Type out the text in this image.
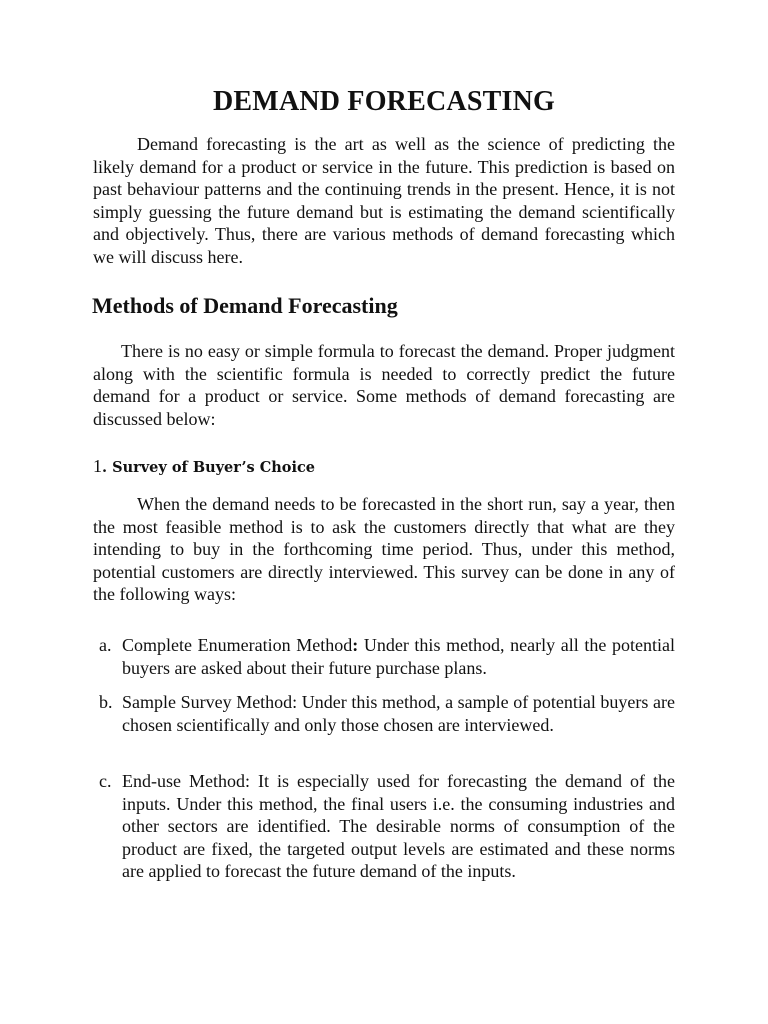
DEMAND FORECASTING

Demand forecasting is the art as well as the science of predicting the likely demand for a product or service in the future. This prediction is based on past behaviour patterns and the continuing trends in the present. Hence, it is not simply guessing the future demand but is estimating the demand scientifically and objectively. Thus, there are various methods of demand forecasting which we will discuss here.

Methods of Demand Forecasting

There is no easy or simple formula to forecast the demand. Proper judgment along with the scientific formula is needed to correctly predict the future demand for a product or service. Some methods of demand forecasting are discussed below:

1. Survey of Buyer’s Choice

When the demand needs to be forecasted in the short run, say a year, then the most feasible method is to ask the customers directly that what are they intending to buy in the forthcoming time period. Thus, under this method, potential customers are directly interviewed. This survey can be done in any of the following ways:

a. Complete Enumeration Method: Under this method, nearly all the potential buyers are asked about their future purchase plans.
b. Sample Survey Method: Under this method, a sample of potential buyers are chosen scientifically and only those chosen are interviewed.
c. End-use Method: It is especially used for forecasting the demand of the inputs. Under this method, the final users i.e. the consuming industries and other sectors are identified. The desirable norms of consumption of the product are fixed, the targeted output levels are estimated and these norms are applied to forecast the future demand of the inputs.
